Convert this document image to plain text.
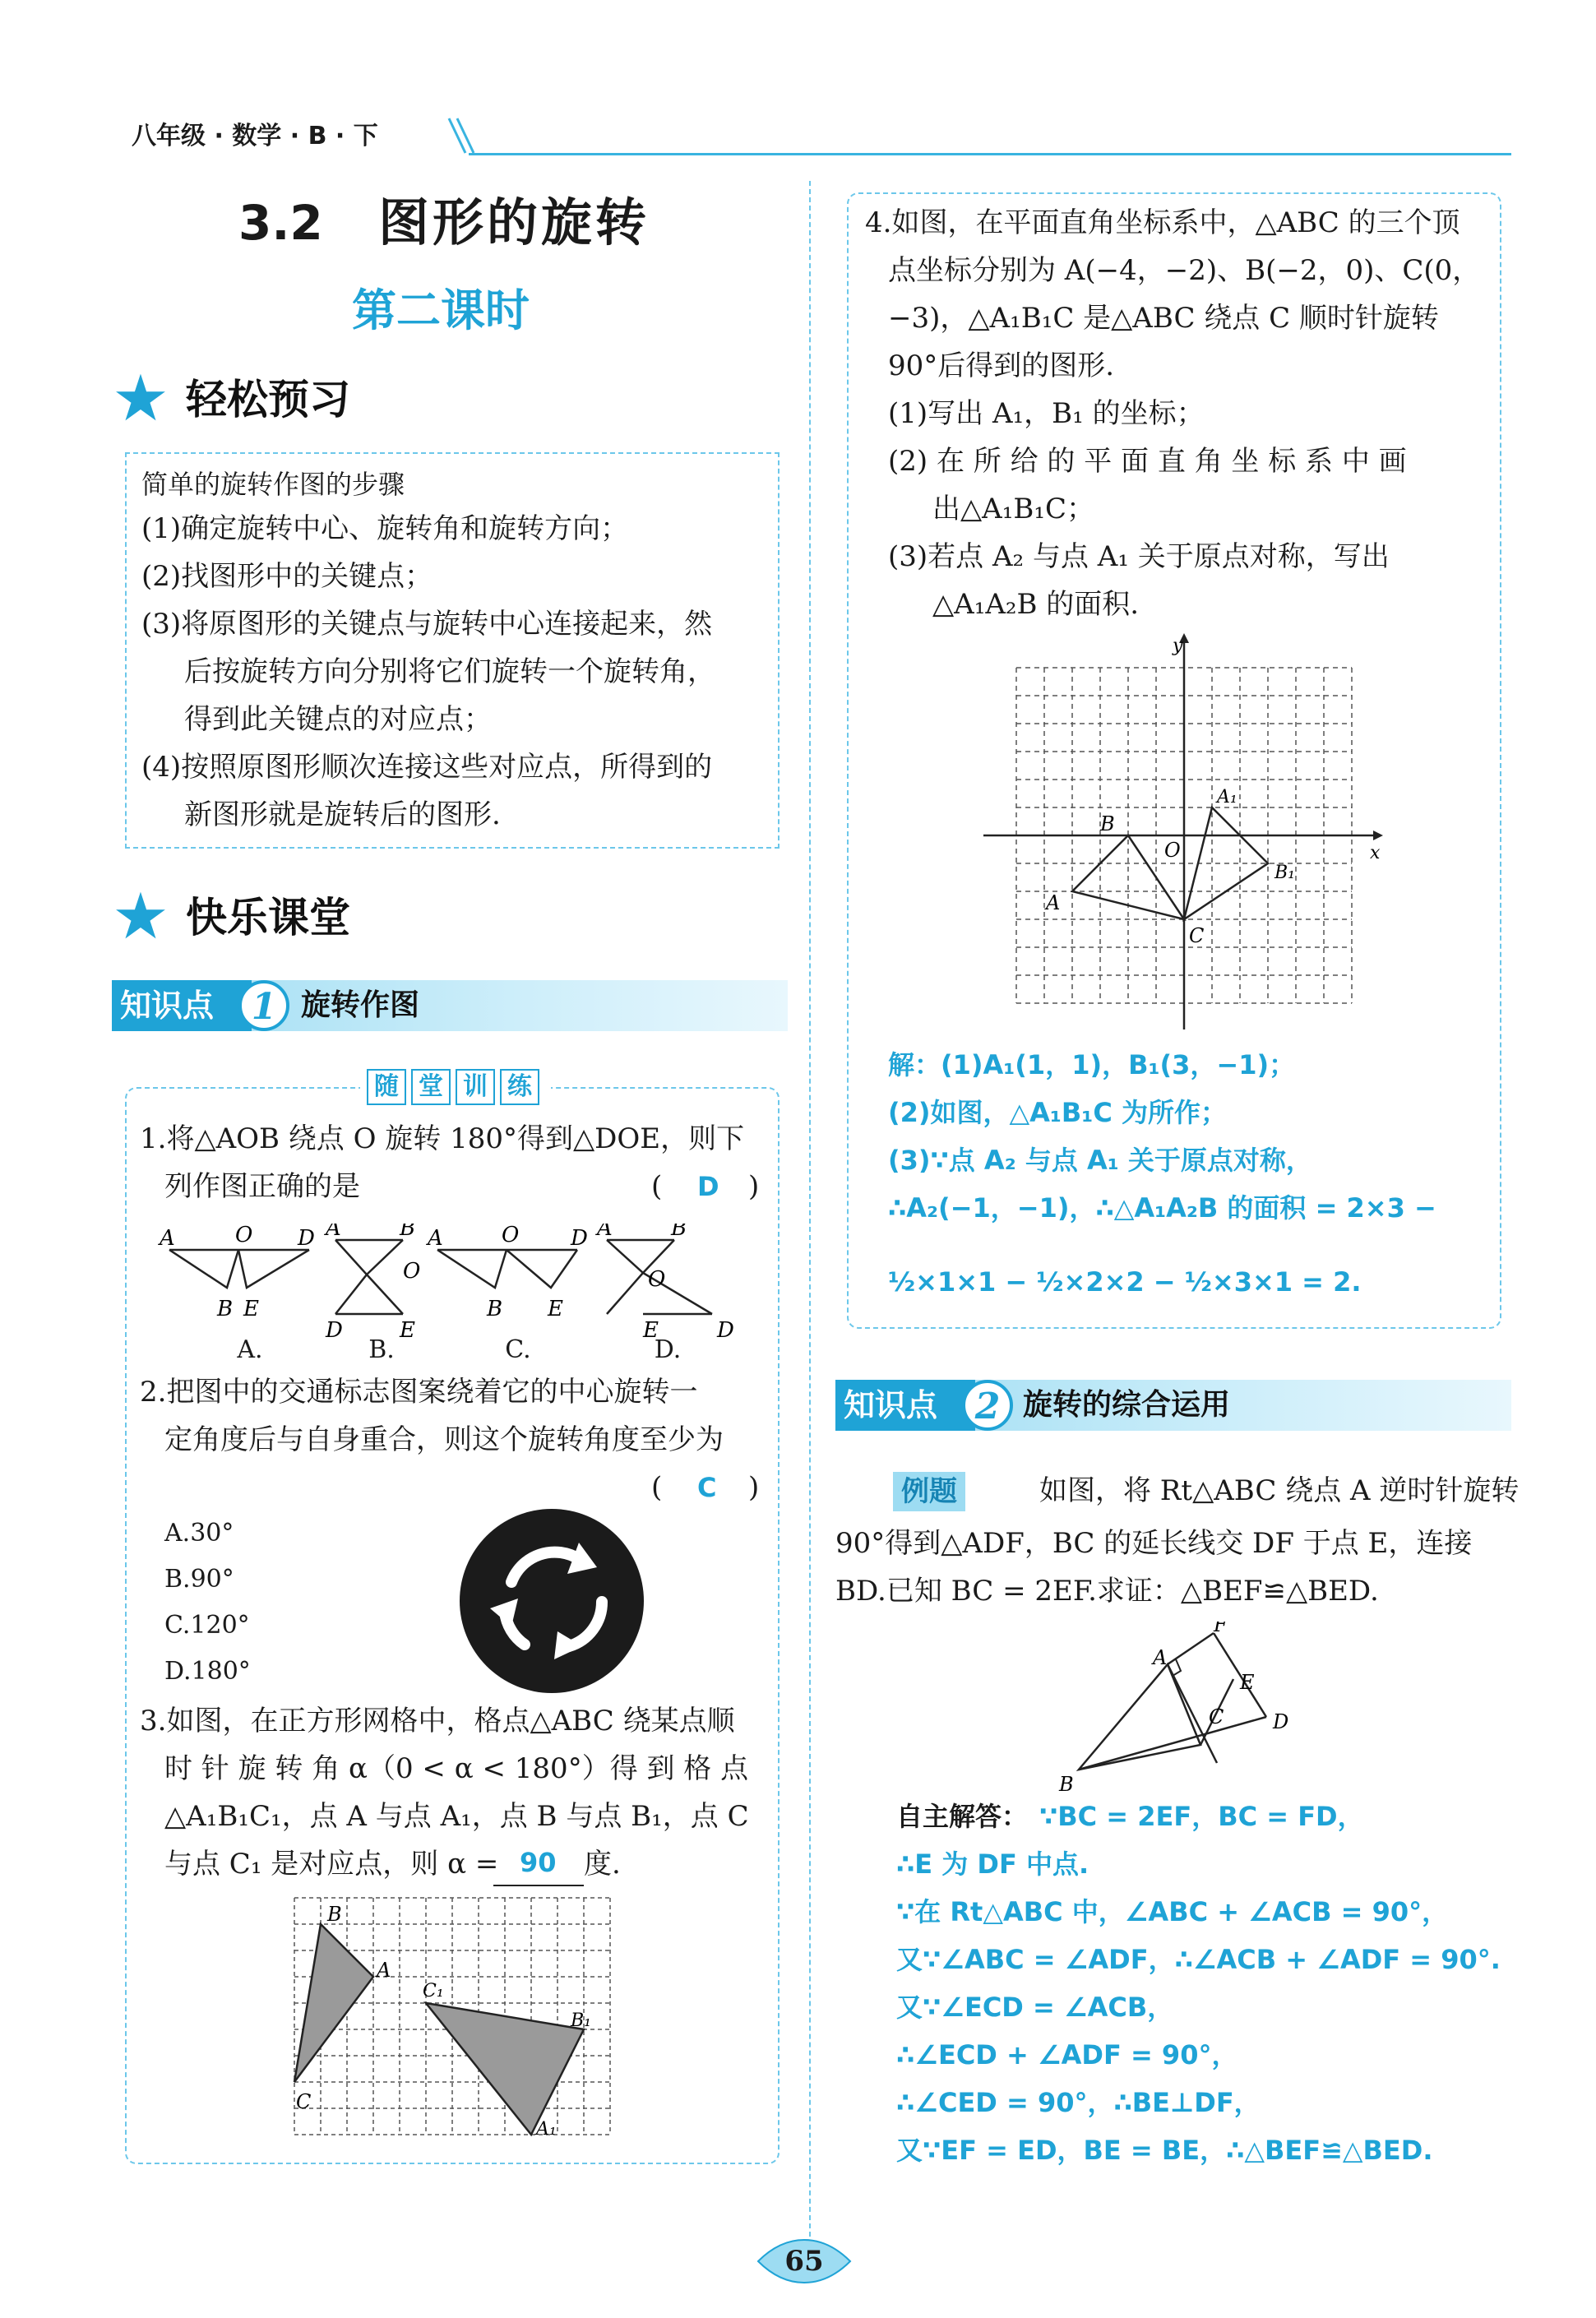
八年级 · 数学 · B · 下
3.2 图形的旋转
第二课时
★ 轻松预习
简单的旋转作图的步骤
(1)确定旋转中心、旋转角和旋转方向；
(2)找图形中的关键点；
(3)将原图形的关键点与旋转中心连接起来，然
后按旋转方向分别将它们旋转一个旋转角，
得到此关键点的对应点；
(4)按照原图形顺次连接这些对应点，所得到的
新图形就是旋转后的图形.
★ 快乐课堂
知识点	1 旋转作图
随 堂 训 练
1.将△AOB 绕点 O 旋转 180°得到△DOE，则下
列作图正确的是	( D )
A	O D
B E
A	B
O
D	E
A	O D
B E
A	B
O
E	D
A.	B.	C.	D.
2.把图中的交通标志图案绕着它的中心旋转一
定角度后与自身重合，则这个旋转角度至少为
( C )
A.30°
B.90°
C.120°
D.180°
3.如图，在正方形网格中，格点△ABC 绕某点顺
时 针 旋 转 角 α（0 < α < 180°）得 到 格 点
△A₁B₁C₁，点 A 与点 A₁，点 B 与点 B₁，点 C
与点 C₁ 是对应点，则 α = 90 度.
B
A
C
C₁
B₁
A₁
4.如图，在平面直角坐标系中，△ABC 的三个顶
点坐标分别为 A(−4，−2)、B(−2，0)、C(0，
−3)，△A₁B₁C 是△ABC 绕点 C 顺时针旋转
90°后得到的图形.
(1)写出 A₁，B₁ 的坐标；
(2) 在 所 给 的 平 面 直 角 坐 标 系 中 画
出△A₁B₁C；
(3)若点 A₂ 与点 A₁ 关于原点对称，写出
△A₁A₂B 的面积.
y
x
O
A
B
C
A₁
B₁
解：(1)A₁(1，1)，B₁(3，−1)；
(2)如图，△A₁B₁C 为所作；
(3)∵点 A₂ 与点 A₁ 关于原点对称，
∴A₂(−1，−1)，∴△A₁A₂B 的面积 = 2×3 −
½×1×1 − ½×2×2 − ½×3×1 = 2.
知识点	2 旋转的综合运用
例题	如图，将 Rt△ABC 绕点 A 逆时针旋转
90°得到△ADF，BC 的延长线交 DF 于点 E，连接
BD.已知 BC = 2EF.求证：△BEF≌△BED.
F
A
E
C D
B
自主解答： ∵BC = 2EF，BC = FD，
∴E 为 DF 中点.
∵在 Rt△ABC 中，∠ABC + ∠ACB = 90°，
又∵∠ABC = ∠ADF，∴∠ACB + ∠ADF = 90°.
又∵∠ECD = ∠ACB，
∴∠ECD + ∠ADF = 90°，
∴∠CED = 90°，∴BE⊥DF，
又∵EF = ED，BE = BE，∴△BEF≌△BED.
65
